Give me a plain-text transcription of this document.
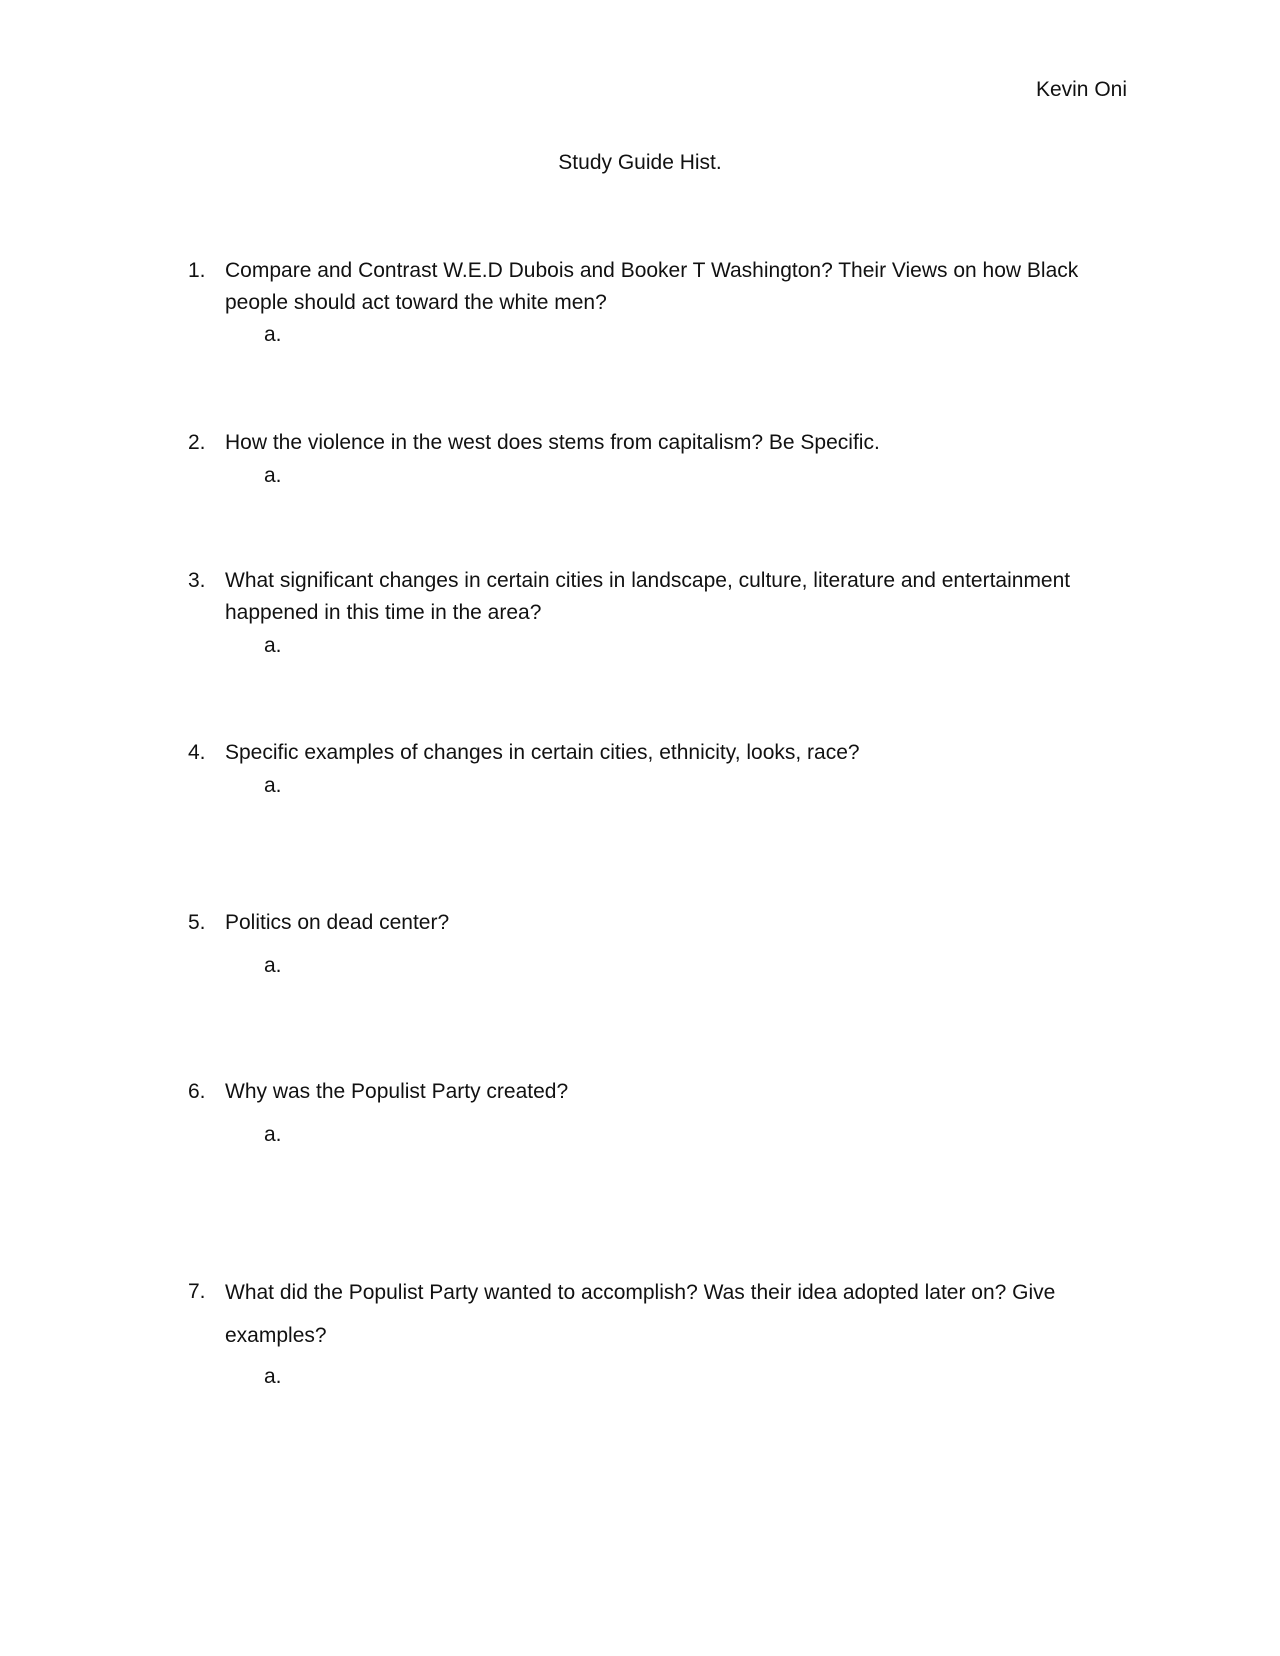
Kevin Oni
Study Guide Hist.
1. Compare and Contrast W.E.D Dubois and Booker T Washington? Their Views on how Black people should act toward the white men?
a.
2. How the violence in the west does stems from capitalism? Be Specific.
a.
3. What significant changes in certain cities in landscape, culture, literature and entertainment happened in this time in the area?
a.
4. Specific examples of changes in certain cities, ethnicity, looks, race?
a.
5. Politics on dead center?
a.
6. Why was the Populist Party created?
a.
7. What did the Populist Party wanted to accomplish? Was their idea adopted later on? Give examples?
a.
